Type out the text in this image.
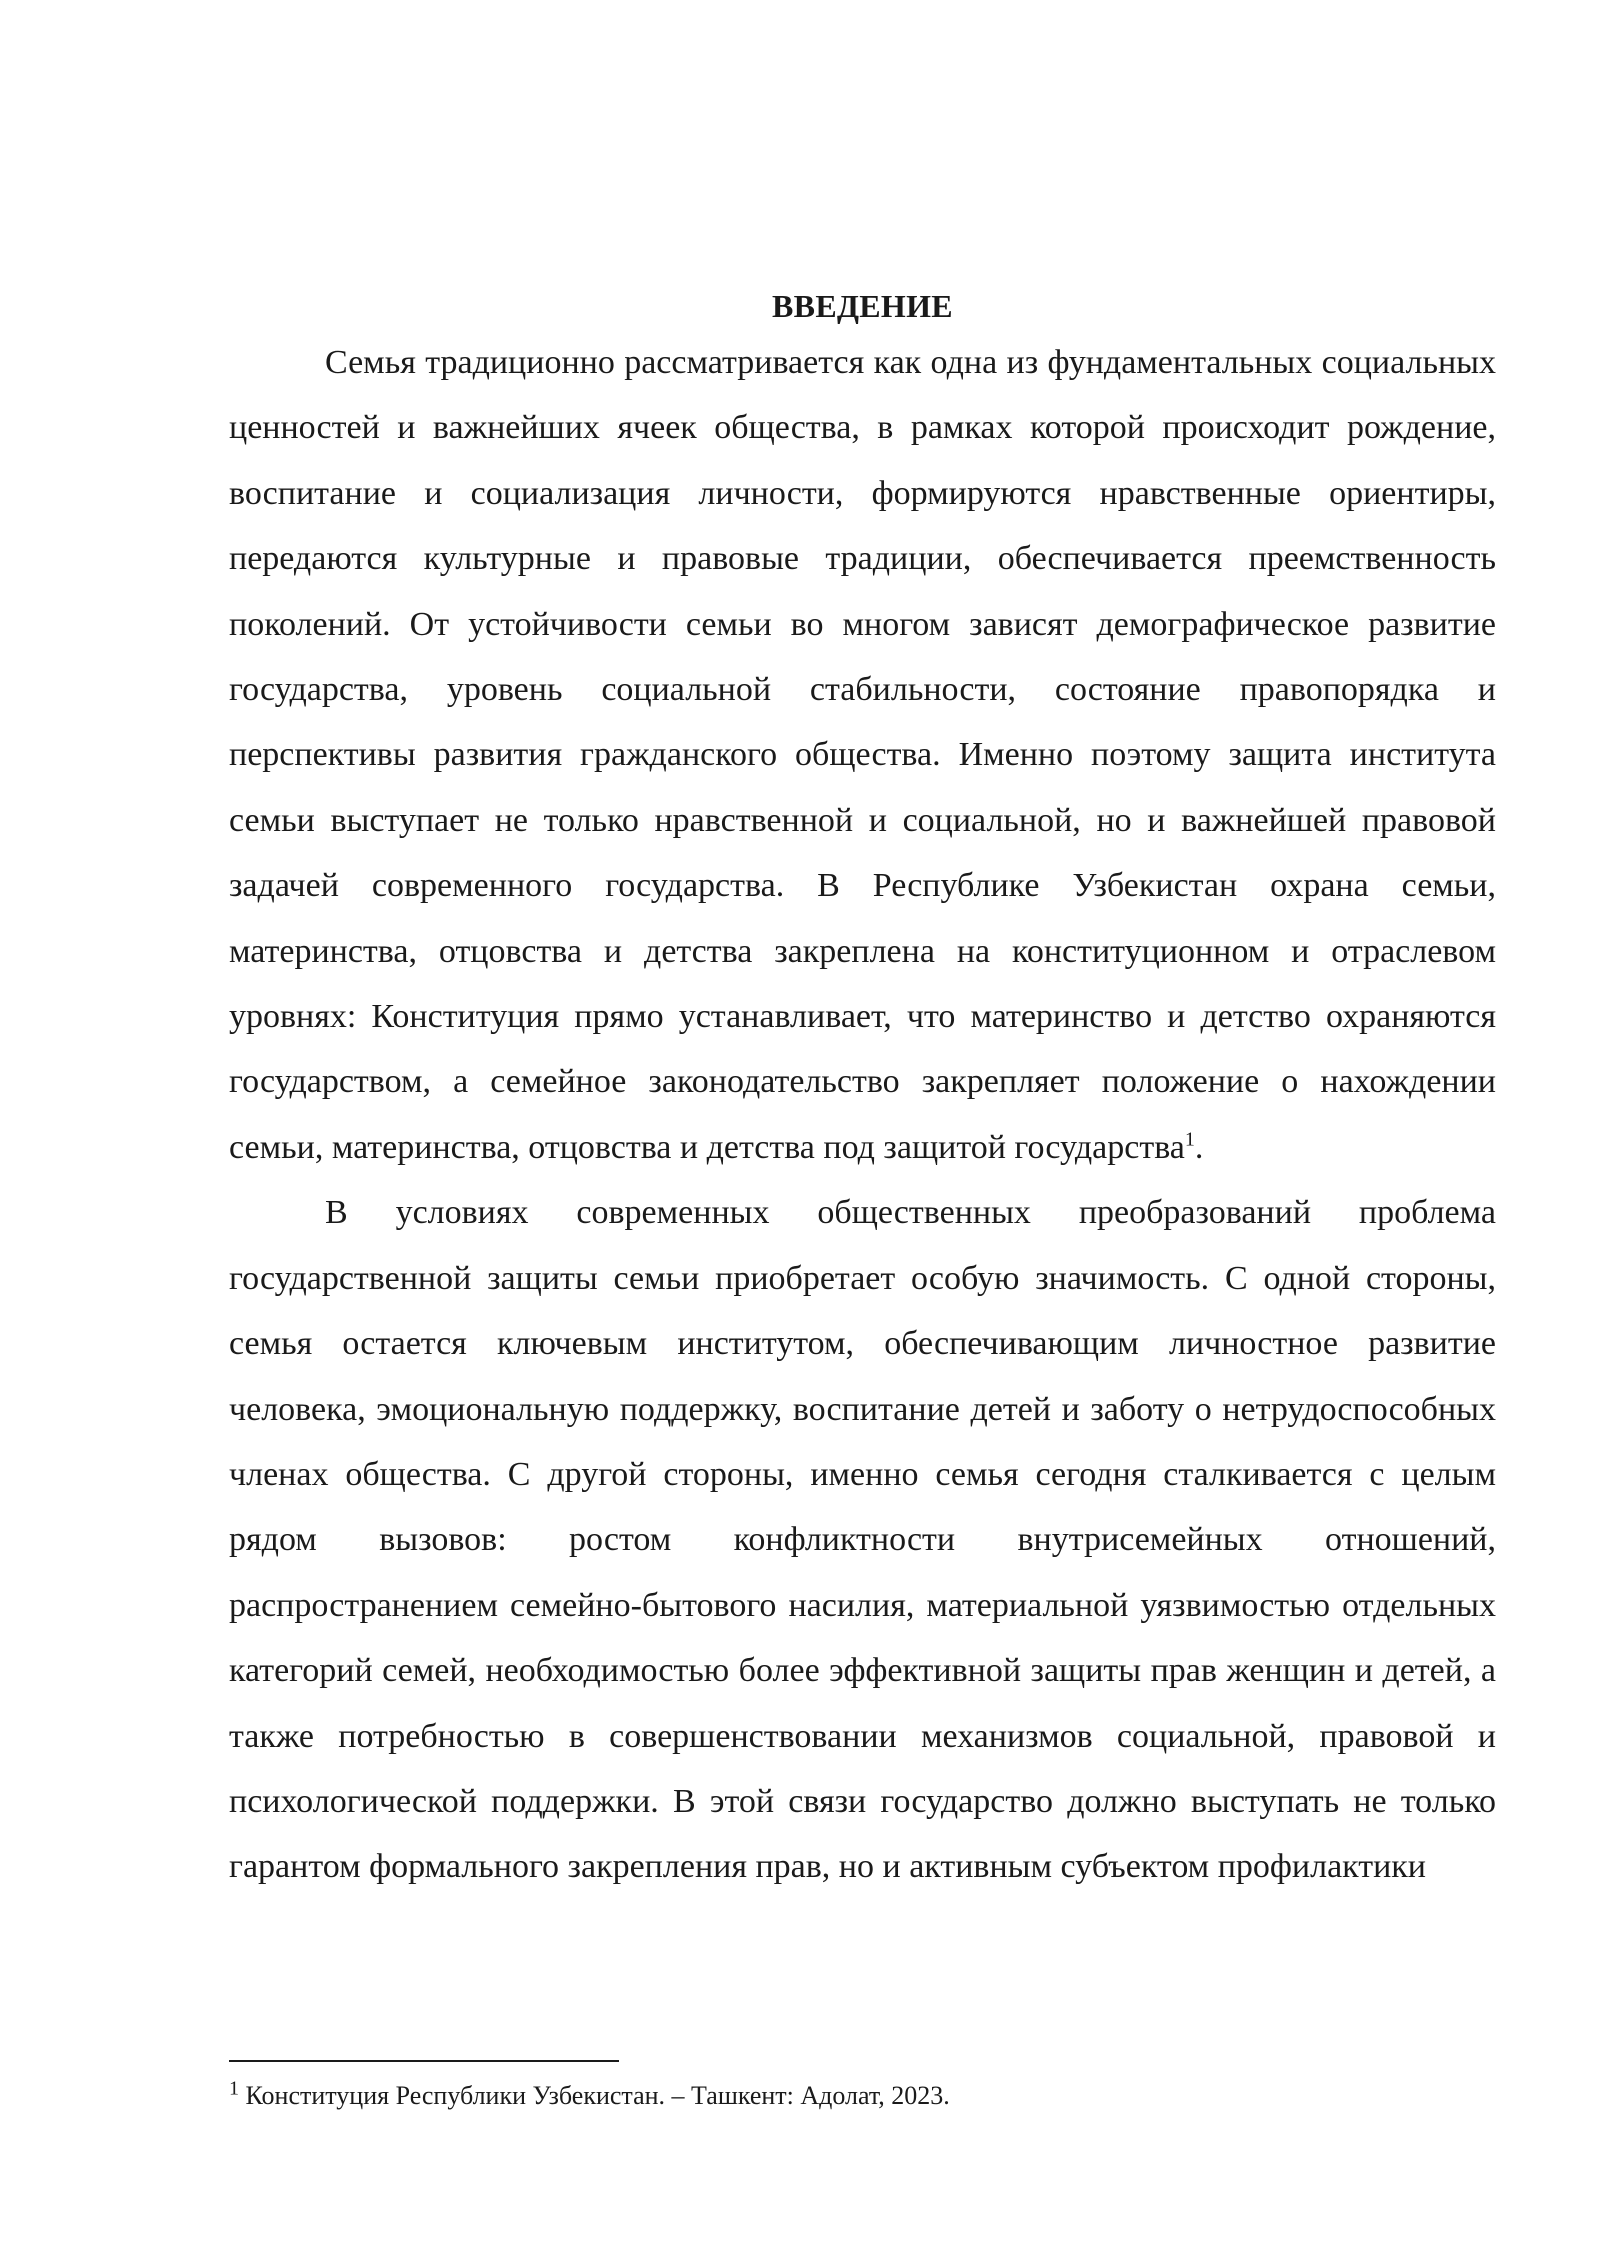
ВВЕДЕНИЕ

Семья традиционно рассматривается как одна из фундаментальных социальных ценностей и важнейших ячеек общества, в рамках которой происходит рождение, воспитание и социализация личности, формируются нравственные ориентиры, передаются культурные и правовые традиции, обеспечивается преемственность поколений. От устойчивости семьи во многом зависят демографическое развитие государства, уровень социальной стабильности, состояние правопорядка и перспективы развития гражданского общества. Именно поэтому защита института семьи выступает не только нравственной и социальной, но и важнейшей правовой задачей современного государства. В Республике Узбекистан охрана семьи, материнства, отцовства и детства закреплена на конституционном и отраслевом уровнях: Конституция прямо устанавливает, что материнство и детство охраняются государством, а семейное законодательство закрепляет положение о нахождении семьи, материнства, отцовства и детства под защитой государства$^1$.

В условиях современных общественных преобразований проблема государственной защиты семьи приобретает особую значимость. С одной стороны, семья остается ключевым институтом, обеспечивающим личностное развитие человека, эмоциональную поддержку, воспитание детей и заботу о нетрудоспособных членах общества. С другой стороны, именно семья сегодня сталкивается с целым рядом вызовов: ростом конфликтности внутрисемейных отношений, распространением семейно-бытового насилия, материальной уязвимостью отдельных категорий семей, необходимостью более эффективной защиты прав женщин и детей, а также потребностью в совершенствовании механизмов социальной, правовой и психологической поддержки. В этой связи государство должно выступать не только гарантом формального закрепления прав, но и активным субъектом профилактики

$^1$ Конституция Республики Узбекистан. – Ташкент: Адолат, 2023.
